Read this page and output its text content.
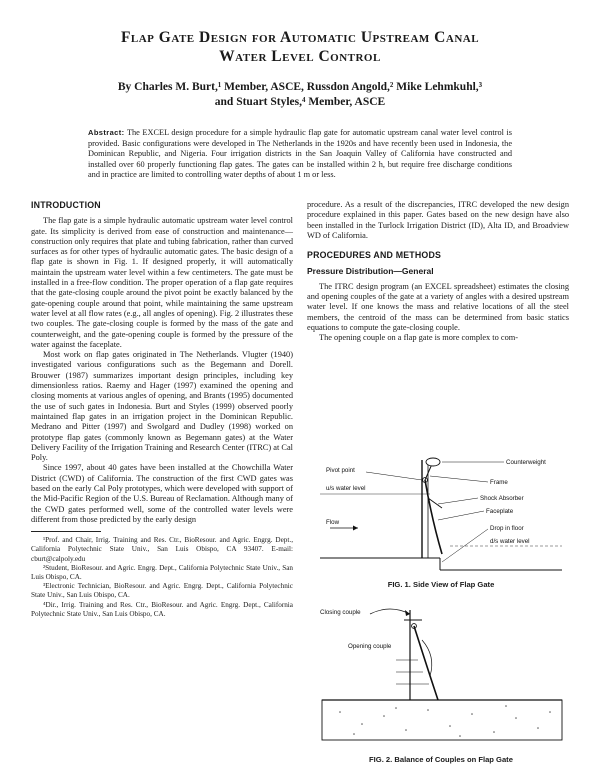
Flap Gate Design for Automatic Upstream Canal
Water Level Control
By Charles M. Burt,¹ Member, ASCE, Russdon Angold,² Mike Lehmkuhl,³
and Stuart Styles,⁴ Member, ASCE
Abstract: The EXCEL design procedure for a simple hydraulic flap gate for automatic upstream canal water level control is provided. Basic configurations were developed in The Netherlands in the 1920s and have recently been used in Indonesia, the Dominican Republic, and Nigeria. Four irrigation districts in the San Joaquin Valley of California have constructed and installed over 60 properly functioning flap gates. The gates can be installed within 2 h, but require free discharge conditions and in practice are limited to controlling water depths of about 1 m or less.
INTRODUCTION

The flap gate is a simple hydraulic automatic upstream water level control gate. Its simplicity is derived from ease of construction and maintenance—construction only requires that plate and tubing fabrication, rather than curved surfaces as for other types of hydraulic automatic gates. The basic design of a flap gate is shown in Fig. 1. If designed properly, it will automatically maintain the upstream water level within a few centimeters. The gate must be installed in a free-flow condition. The proper operation of a flap gate requires that the gate-closing couple around the pivot point be exactly balanced by the gate-opening couple around that point, while maintaining the same upstream water level at all flow rates (e.g., all angles of opening). Fig. 2 illustrates these two couples. The gate-closing couple is formed by the mass of the gate and counterweight, and the gate-opening couple is formed by the pressure of the water against the faceplate.

Most work on flap gates originated in The Netherlands. Vlugter (1940) investigated various configurations such as the Begemann and Dorell. Brouwer (1987) summarizes important design principles, including key dimensionless ratios. Raemy and Hager (1997) examined the opening and closing moments at various angles of opening, and Brants (1995) documented the use of such gates in Indonesia. Burt and Styles (1999) observed poorly maintained flap gates in an irrigation project in the Dominican Republic. Medrano and Pitter (1997) and Swolgard and Dudley (1998) worked on prototype flap gates (commonly known as Begemann gates) at the Water Delivery Facility of the Irrigation Training and Research Center (ITRC) at Cal Poly.

Since 1997, about 40 gates have been installed at the Chowchilla Water District (CWD) of California. The construction of the first CWD gates was based on the early Cal Poly prototypes, which were developed with support of the Mid-Pacific Region of the U.S. Bureau of Reclamation. Although many of the CWD gates performed well, some of the controlled water levels were different from those predicted by the early design

¹Prof. and Chair, Irrig. Training and Res. Ctr., BioResour. and Agric. Engrg. Dept., California Polytechnic State Univ., San Luis Obispo, CA 93407. E-mail: cburt@calpoly.edu
²Student, BioResour. and Agric. Engrg. Dept., California Polytechnic State Univ., San Luis Obispo, CA.
³Electronic Technician, BioResour. and Agric. Engrg. Dept., California Polytechnic State Univ., San Luis Obispo, CA.
⁴Dir., Irrig. Training and Res. Ctr., BioResour. and Agric. Engrg. Dept., California Polytechnic State Univ., San Luis Obispo, CA.

procedure. As a result of the discrepancies, ITRC developed the new design procedure explained in this paper. Gates based on the new design have also been installed in the Turlock Irrigation District (ID), Alta ID, and Broadview WD of California.

PROCEDURES AND METHODS
Pressure Distribution—General

The ITRC design program (an EXCEL spreadsheet) estimates the closing and opening couples of the gate at a variety of angles with a desired upstream water level. If one knows the mass and relative locations of all the steel members, the centroid of the mass can be determined from basic statics equations to compute the gate-closing couple.

The opening couple on a flap gate is more complex to com-

Counterweight
Pivot point
Frame
Shock Absorber
u/s water level
Faceplate
Flow
Drop in floor
d/s water level
FIG. 1. Side View of Flap Gate
Closing couple
Opening couple
FIG. 2. Balance of Couples on Flap Gate
